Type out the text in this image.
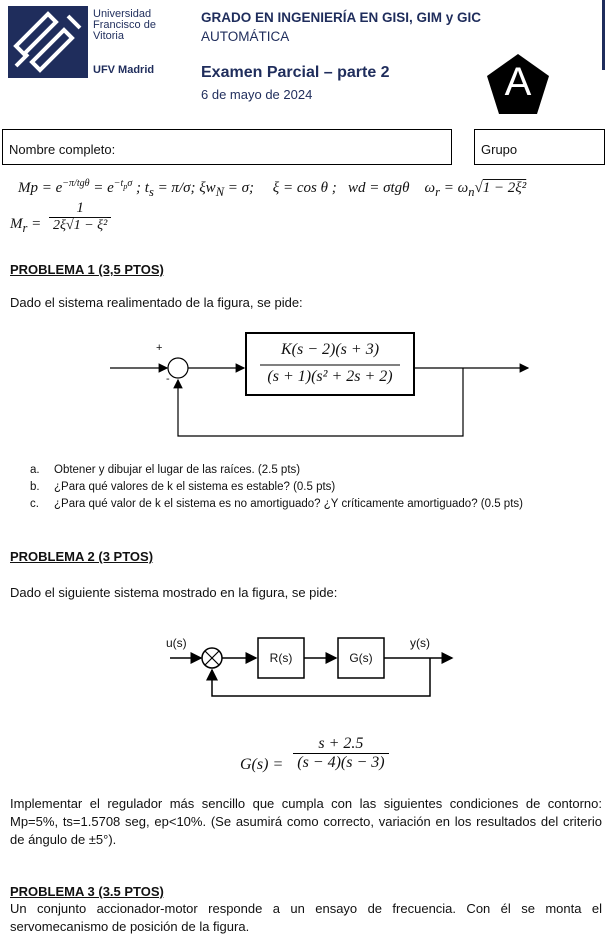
Universidad
Francisco de
Vitoria
UFV Madrid
GRADO EN INGENIERÍA EN GISI, GIM y GIC
AUTOMÁTICA
Examen Parcial – parte 2
6 de mayo de 2024	A
Nombre completo:	Grupo
$Mp = e^{-\pi/tg\theta} = e^{-t_p\sigma}$ ; $t_s = \pi/\sigma$; $\xi w_N = \sigma$;     ξ = cos θ ;   wd = σtgθ    $\omega_r = \omega_n√1 - 2\xi^2$
$M_r = \frac{1}{\text{2ξ√1 − ξ²}}$
PROBLEMA 1 (3,5 PTOS)
Dado el sistema realimentado de la figura, se pide:
+
-
K(s − 2)(s + 3)
(s + 1)(s² + 2s + 2)
a. Obtener y dibujar el lugar de las raíces. (2.5 pts)
b. ¿Para qué valores de k el sistema es estable? (0.5 pts)
c. ¿Para qué valor de k el sistema es no amortiguado? ¿Y críticamente amortiguado? (0.5 pts)
PROBLEMA 2 (3 PTOS)
Dado el siguiente sistema mostrado en la figura, se pide:
u(s)	y(s)
R(s)	G(s)
$G(s) = \frac{s + 2.5}{(s - 4)(s - 3)}$
Implementar el regulador más sencillo que cumpla con las siguientes condiciones de contorno: Mp=5%, ts=1.5708 seg, ep<10%. (Se asumirá como correcto, variación en los resultados del criterio de ángulo de ±5°).
PROBLEMA 3 (3.5 PTOS)
Un conjunto accionador-motor responde a un ensayo de frecuencia. Con él se monta el servomecanismo de posición de la figura.
